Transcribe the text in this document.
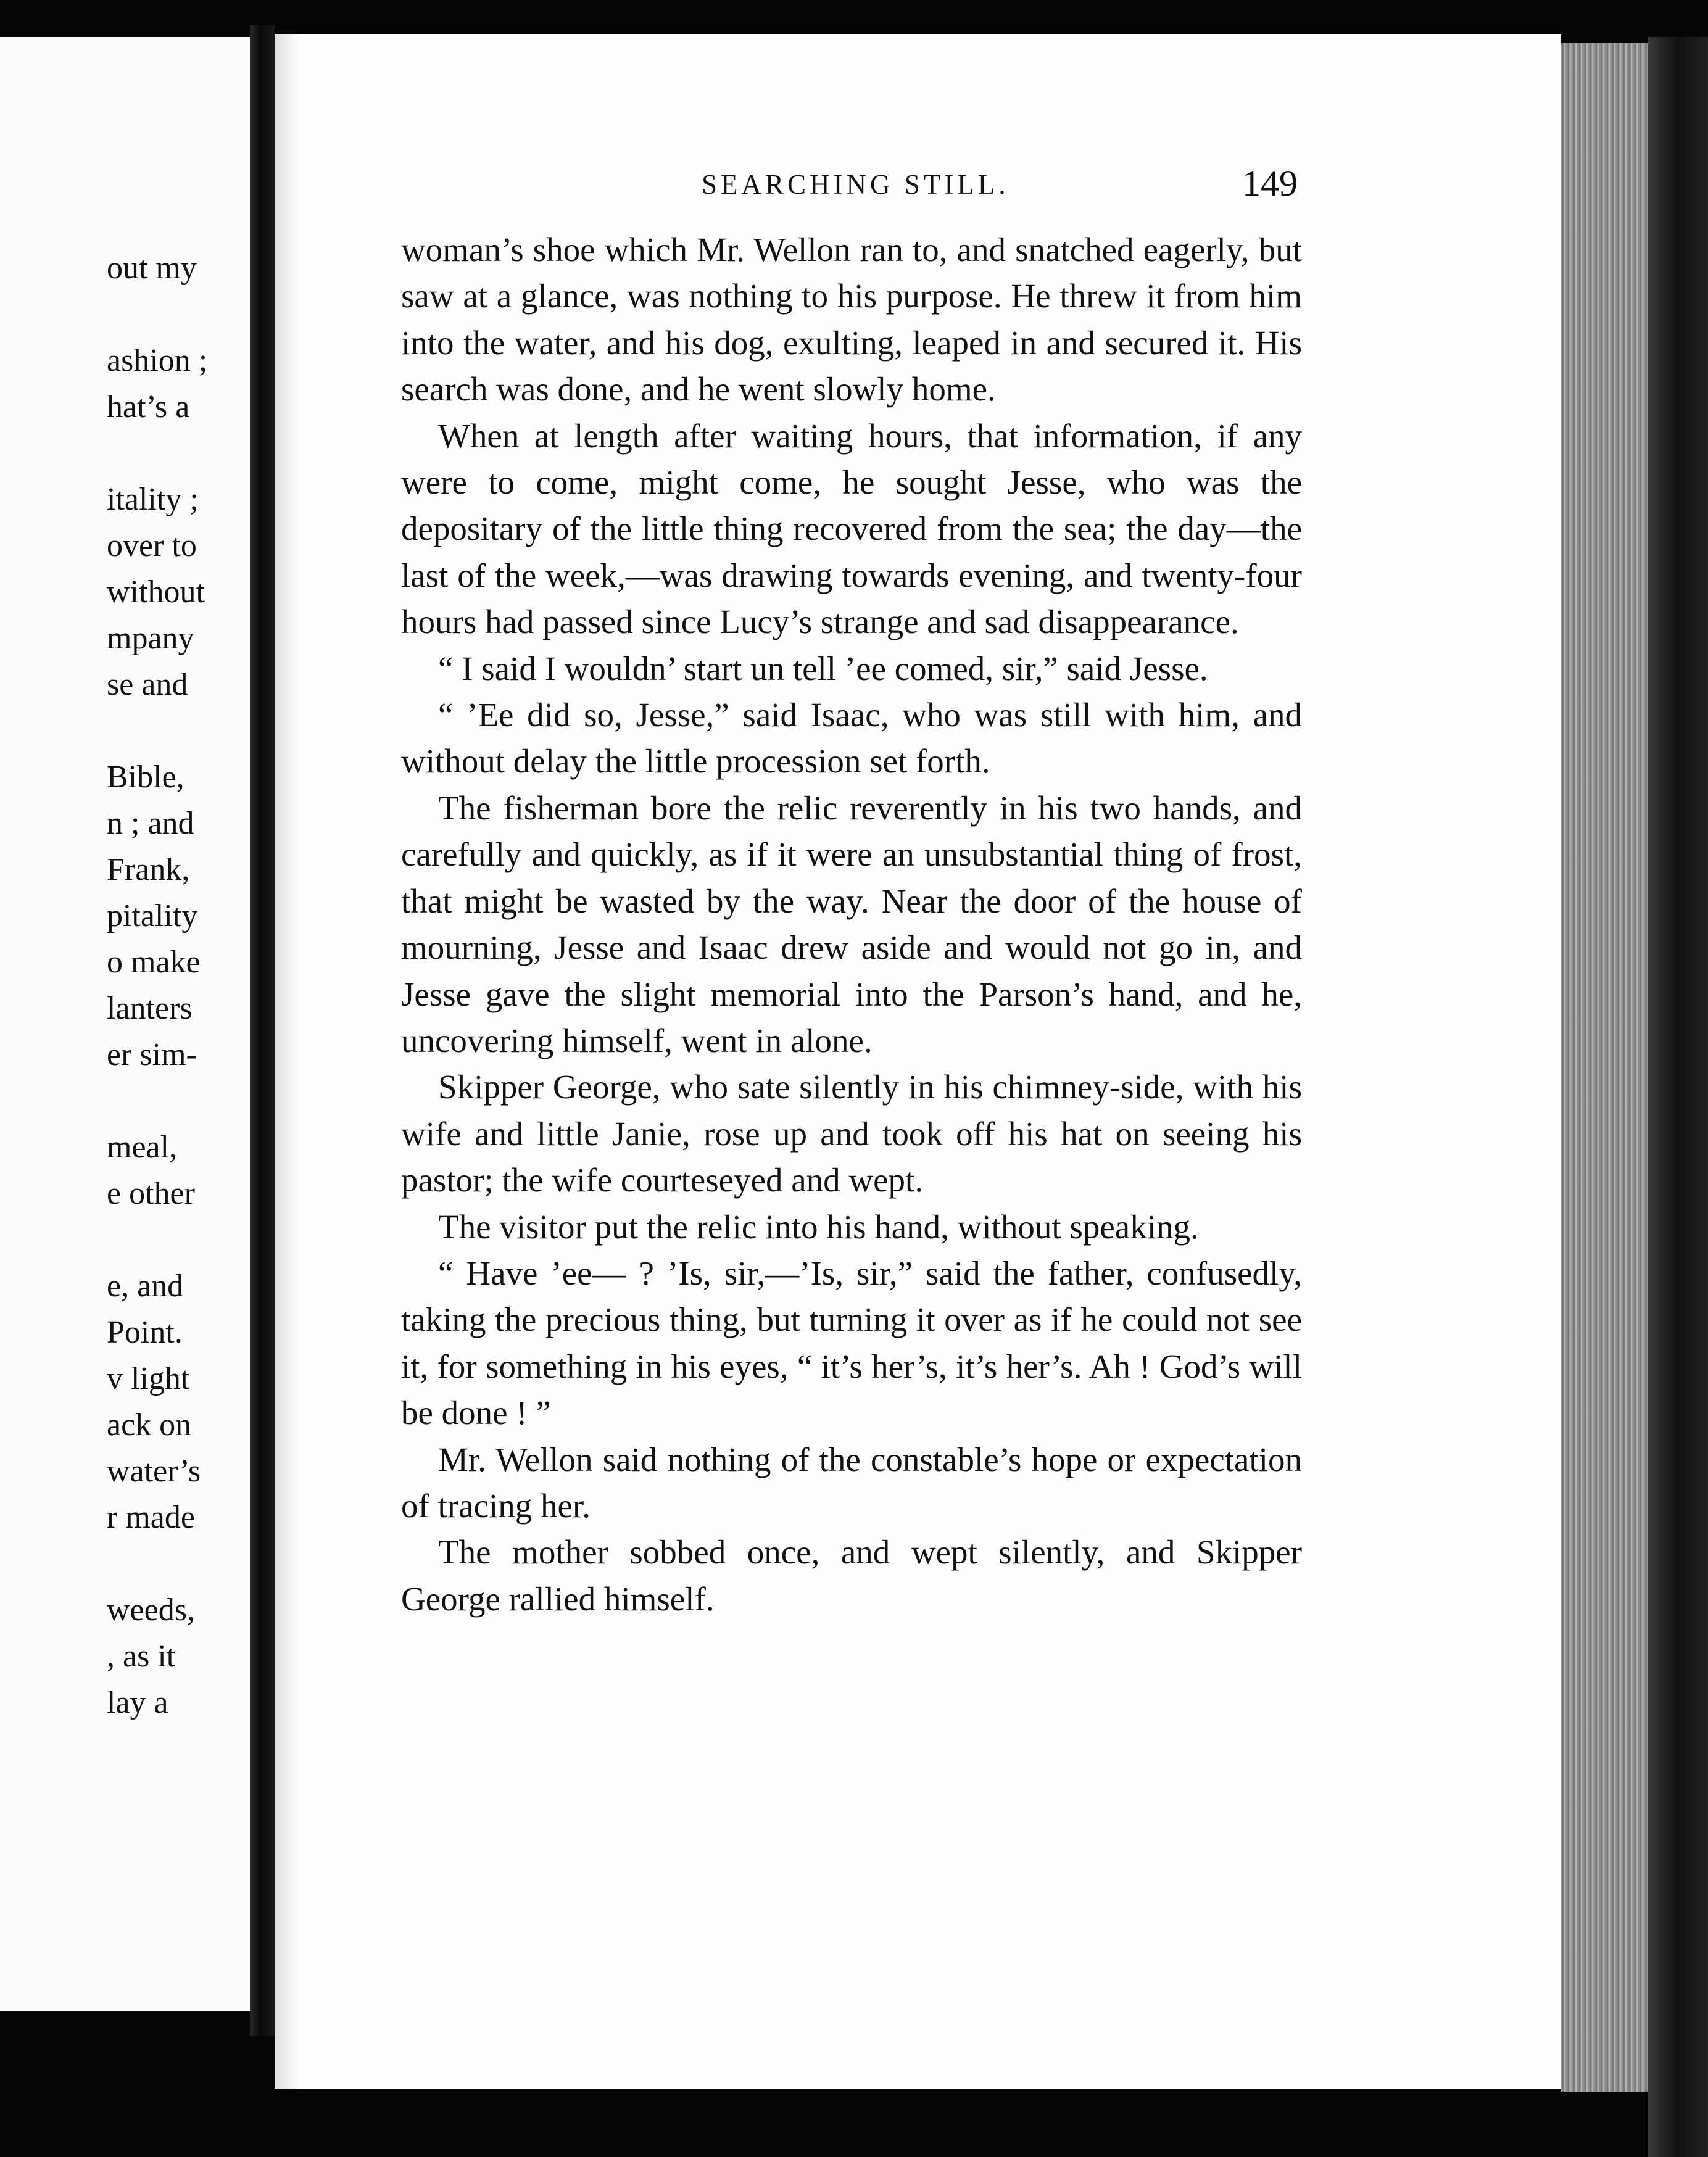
out my

ashion ;

hat’s a

itality ;

over to

without

mpany

se and

Bible,

n ; and

Frank,

pitality

o make

lanters

er sim-

meal,

e other

e, and

Point.

v light

ack on

water’s

r made

weeds,

, as it

lay a

SEARCHING STILL.	149

woman’s shoe which Mr. Wellon ran to, and snatched eagerly, but saw at a glance, was nothing to his purpose. He threw it from him into the water, and his dog, exulting, leaped in and secured it. His search was done, and he went slowly home.

When at length after waiting hours, that information, if any were to come, might come, he sought Jesse, who was the depositary of the little thing recovered from the sea; the day—the last of the week,—was drawing towards evening, and twenty-four hours had passed since Lucy’s strange and sad disappearance.

“ I said I wouldn’ start un tell ’ee comed, sir,” said Jesse.

“ ’Ee did so, Jesse,” said Isaac, who was still with him, and without delay the little procession set forth.

The fisherman bore the relic reverently in his two hands, and carefully and quickly, as if it were an unsubstantial thing of frost, that might be wasted by the way. Near the door of the house of mourning, Jesse and Isaac drew aside and would not go in, and Jesse gave the slight memorial into the Parson’s hand, and he, uncovering himself, went in alone.

Skipper George, who sate silently in his chimney-side, with his wife and little Janie, rose up and took off his hat on seeing his pastor; the wife courteseyed and wept.

The visitor put the relic into his hand, without speaking.

“ Have ’ee— ? ’Is, sir,—’Is, sir,” said the father, confusedly, taking the precious thing, but turning it over as if he could not see it, for something in his eyes, “ it’s her’s, it’s her’s. Ah ! God’s will be done ! ”

Mr. Wellon said nothing of the constable’s hope or expectation of tracing her.

The mother sobbed once, and wept silently, and Skipper George rallied himself.
